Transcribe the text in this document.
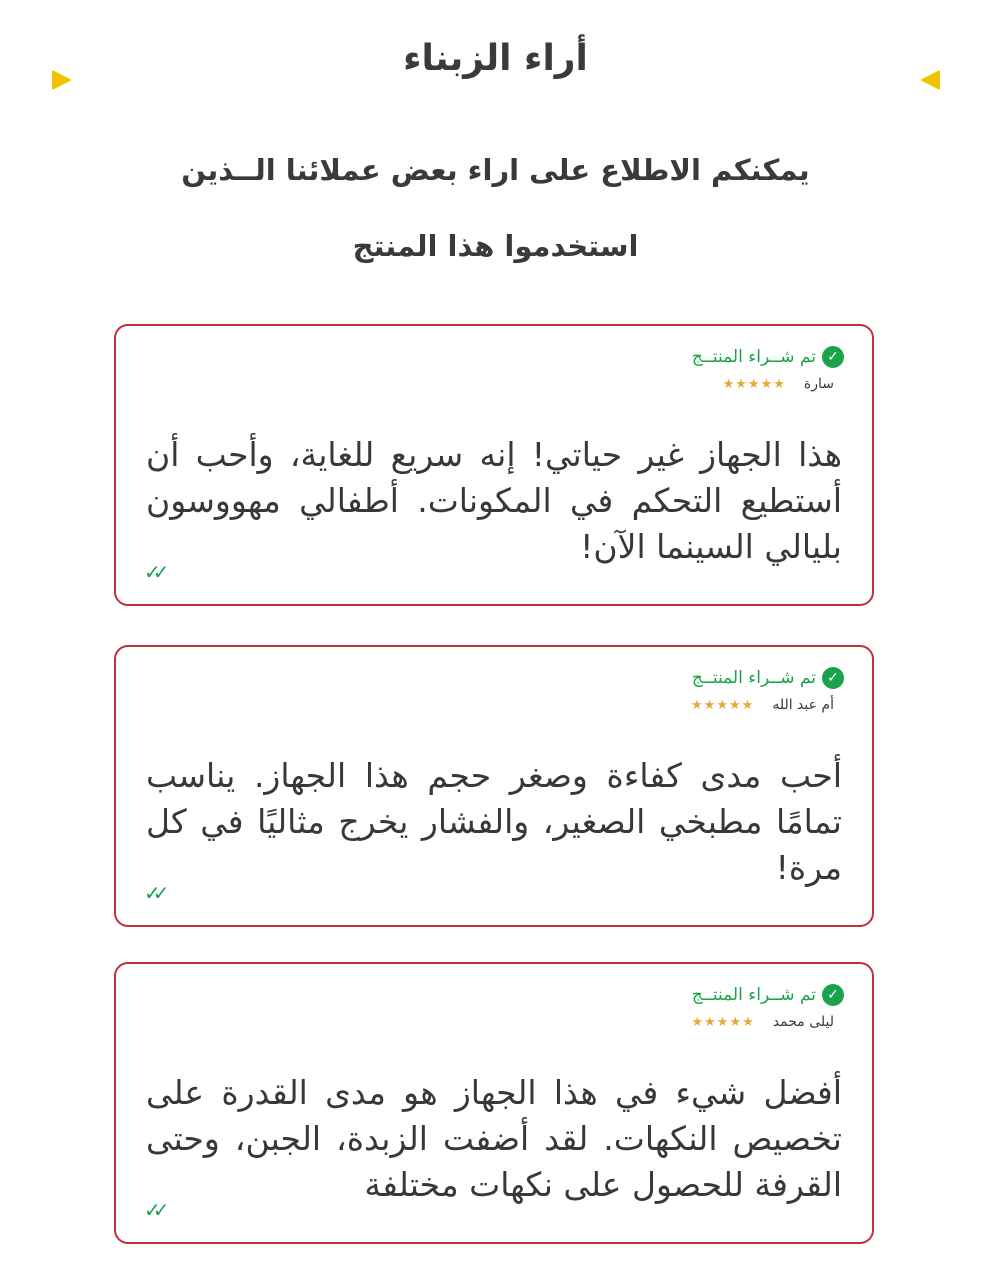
أراء الزبناء
يمكنكم الاطلاع على اراء بعض عملائنا الــذين استخدموا هذا المنتج
✓
تم شــراء المنتــج
سارة
★★★★★
هذا الجهاز غير حياتي! إنه سريع للغاية، وأحب أن أستطيع التحكم في المكونات. أطفالي مهووسون بليالي السينما الآن!
✓✓
✓
تم شــراء المنتــج
أم عبد الله
★★★★★
أحب مدى كفاءة وصغر حجم هذا الجهاز. يناسب تمامًا مطبخي الصغير، والفشار يخرج مثاليًا في كل مرة!
✓✓
✓
تم شــراء المنتــج
ليلى محمد
★★★★★
أفضل شيء في هذا الجهاز هو مدى القدرة على تخصيص النكهات. لقد أضفت الزبدة، الجبن، وحتى القرفة للحصول على نكهات مختلفة
✓✓
